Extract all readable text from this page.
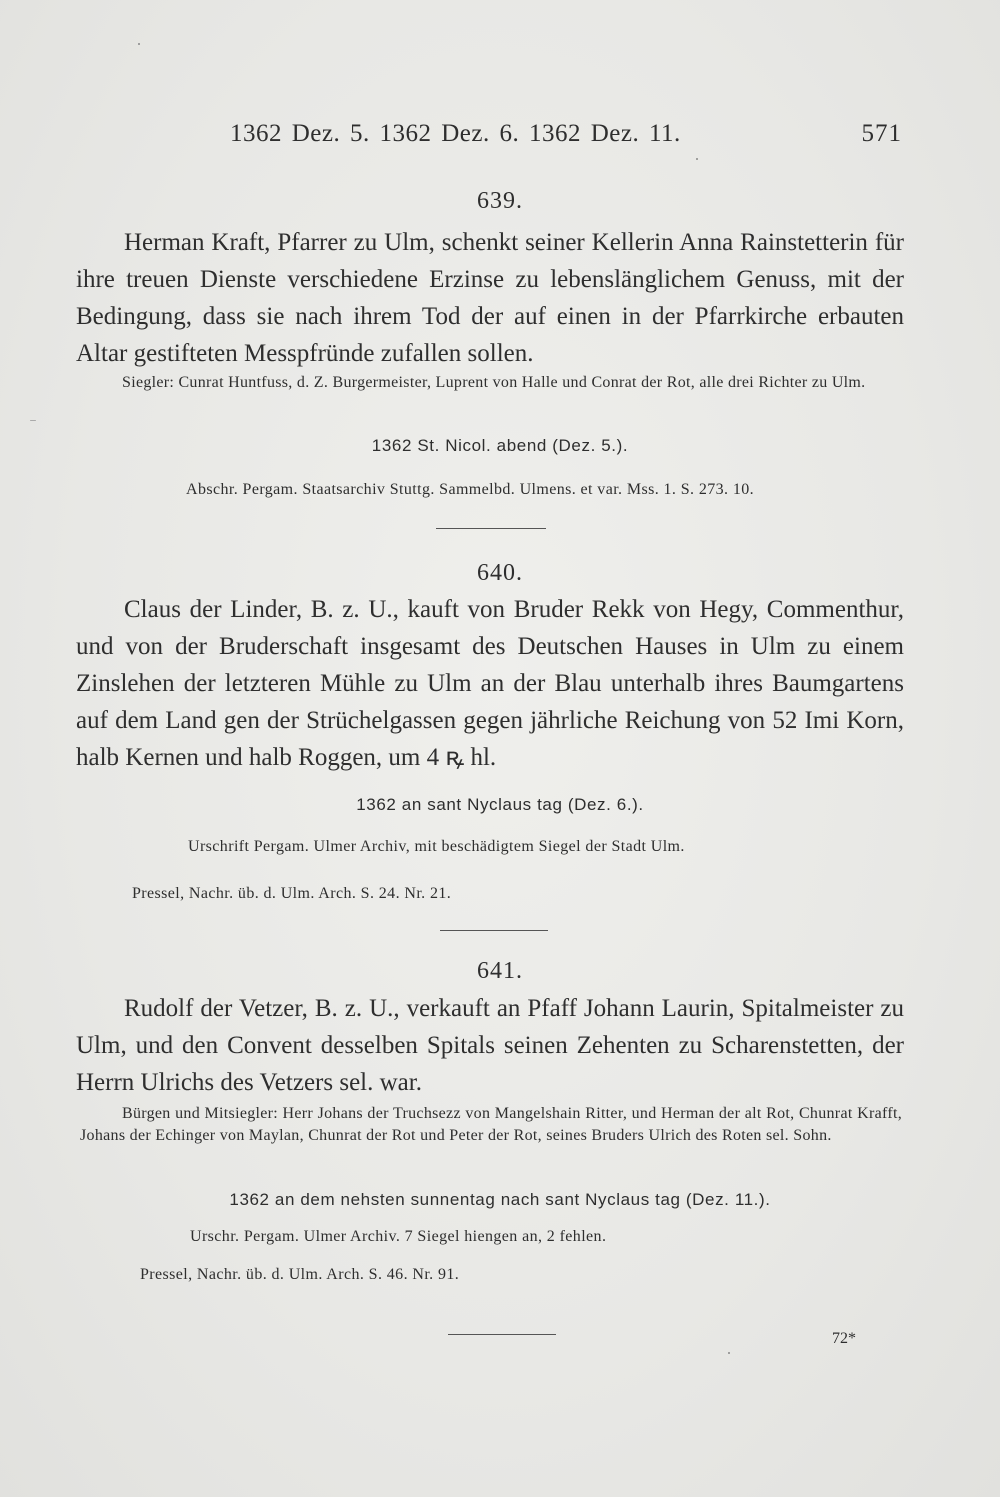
1362 Dez. 5. 1362 Dez. 6. 1362 Dez. 11.	571
639.
Herman Kraft, Pfarrer zu Ulm, schenkt seiner Kellerin Anna Rainstetterin für ihre treuen Dienste verschiedene Erzinse zu lebenslänglichem Genuss, mit der Bedingung, dass sie nach ihrem Tod der auf einen in der Pfarrkirche erbauten Altar gestifteten Messpfründe zufallen sollen.
Siegler: Cunrat Huntfuss, d. Z. Burgermeister, Luprent von Halle und Conrat der Rot, alle drei Richter zu Ulm.
1362 St. Nicol. abend (Dez. 5.).
Abschr. Pergam. Staatsarchiv Stuttg. Sammelbd. Ulmens. et var. Mss. 1. S. 273. 10.
640.
Claus der Linder, B. z. U., kauft von Bruder Rekk von Hegy, Commenthur, und von der Bruderschaft insgesamt des Deutschen Hauses in Ulm zu einem Zinslehen der letzteren Mühle zu Ulm an der Blau unterhalb ihres Baumgartens auf dem Land gen der Strüchelgassen gegen jährliche Reichung von 52 Imi Korn, halb Kernen und halb Roggen, um 4 ꝶ hl.
1362 an sant Nyclaus tag (Dez. 6.).
Urschrift Pergam. Ulmer Archiv, mit beschädigtem Siegel der Stadt Ulm.
Pressel, Nachr. üb. d. Ulm. Arch. S. 24. Nr. 21.
641.
Rudolf der Vetzer, B. z. U., verkauft an Pfaff Johann Laurin, Spitalmeister zu Ulm, und den Convent desselben Spitals seinen Zehenten zu Scharenstetten, der Herrn Ulrichs des Vetzers sel. war.
Bürgen und Mitsiegler: Herr Johans der Truchsezz von Mangelshain Ritter, und Herman der alt Rot, Chunrat Krafft, Johans der Echinger von Maylan, Chunrat der Rot und Peter der Rot, seines Bruders Ulrich des Roten sel. Sohn.
1362 an dem nehsten sunnentag nach sant Nyclaus tag (Dez. 11.).
Urschr. Pergam. Ulmer Archiv. 7 Siegel hiengen an, 2 fehlen.
Pressel, Nachr. üb. d. Ulm. Arch. S. 46. Nr. 91.
72*
